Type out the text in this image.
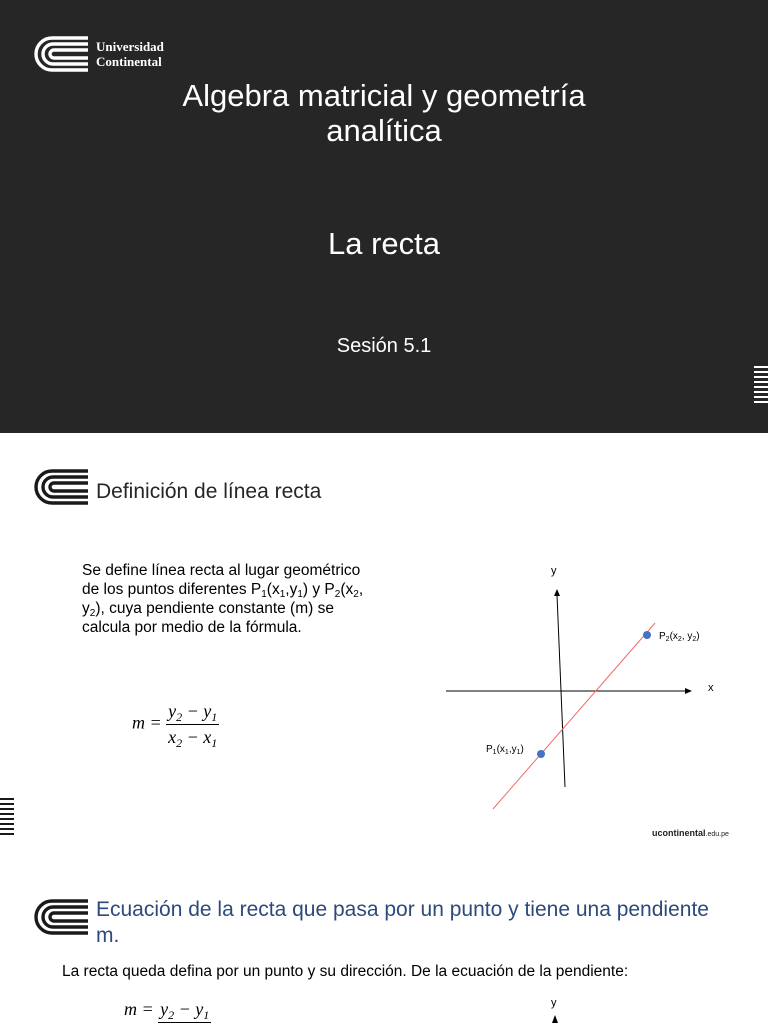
Universidad
Continental
Algebra matricial y geometría analítica
La recta
Sesión 5.1
Definición de línea recta
Se define línea recta al lugar geométrico de los puntos diferentes $P_1(x_1,y_1)$ y $P_2(x_2$, $y_2$), cuya pendiente constante (m) se calcula por medio de la fórmula.
$m = \frac{y_2 - y_1}{x_2 - x_1}$
y
x
$P_2(x_2$, $y_2$)
$P_1(x_1,y_1)$
ucontinental.edu.pe
Ecuación de la recta que pasa por un punto y tiene una pendiente m.
La recta queda defina por un punto y su dirección. De la ecuación de la pendiente:
$m = y_2 - y_1$
y
